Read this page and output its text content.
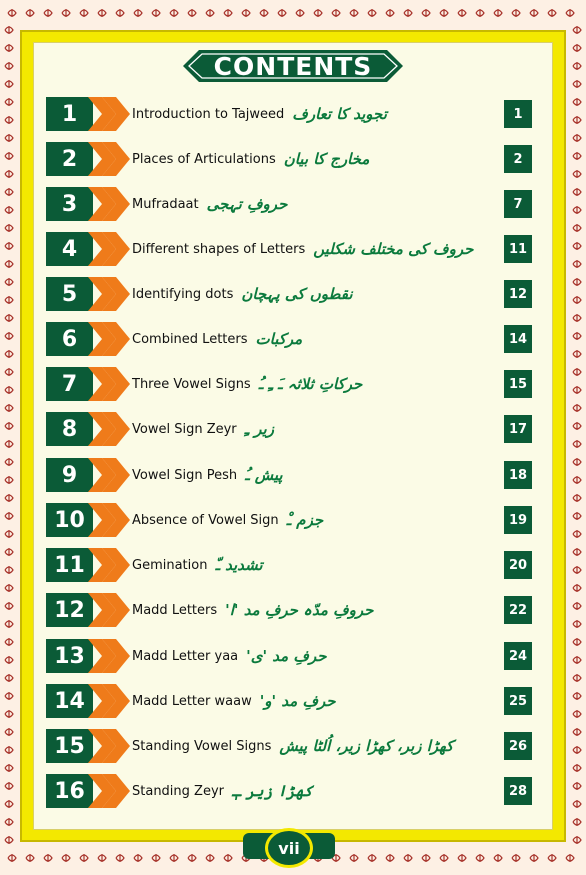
CONTENTS
1	Introduction to Tajweed تجوید کا تعارف	1
2	Places of Articulations مخارج کا بیان	2
3	Mufradaat حروفِ تہجی	7
4	Different shapes of Letters حروف کی مختلف شکلیں	11
5	Identifying dots نقطوں کی پہچان	12
6	Combined Letters مرکبات	14
7	Three Vowel Signs حرکاتِ ثلاثہ ـَ ـِ ـُ	15
8	Vowel Sign Zeyr زیر ـِ	17
9	Vowel Sign Pesh پیش ـُ	18
10	Absence of Vowel Sign جزم ـْ	19
11	Gemination تشدید ـّ	20
12	Madd Letters حروفِ مدّہ حرفِ مد 'ا'	22
13	Madd Letter yaa حرفِ مد 'ی'	24
14	Madd Letter waaw حرفِ مد 'و'	25
15	Standing Vowel Signs کھڑا زبر، کھڑا زیر، اُلٹا پیش	26
16	Standing Zeyr کھڑا زیر ـٖ	28
vii
